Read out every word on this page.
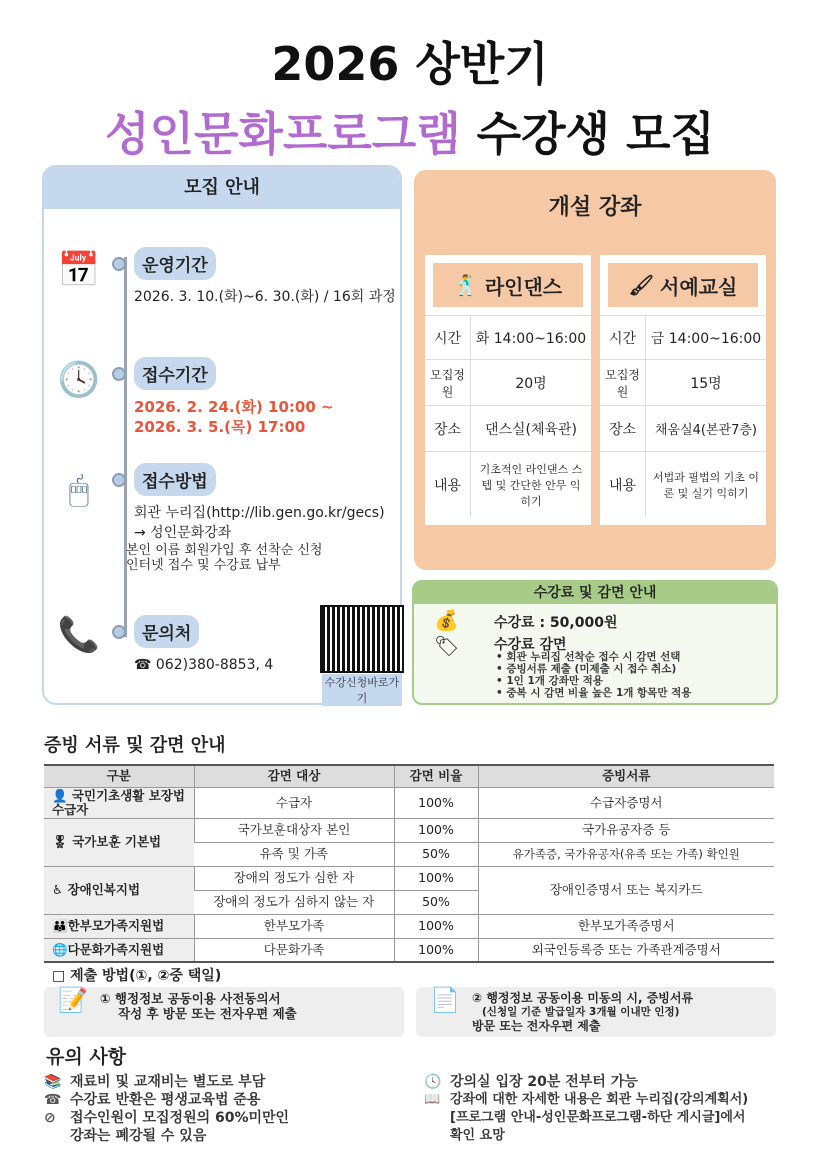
2026 상반기
성인문화프로그램 수강생 모집
모집 안내
📅	운영기간
2026. 3. 10.(화)~6. 30.(화) / 16회 과정
🕓	접수기간
2026. 2. 24.(화) 10:00 ~
2026. 3. 5.(목) 17:00
🖱	접수방법
회관 누리집(http://lib.gen.go.kr/gecs)
→ 성인문화강좌
본인 이름 회원가입 후 선착순 신청
인터넷 접수 및 수강료 납부
📞	문의처
☎ 062)380-8853, 4
수강신청바로가기
개설 강좌
🕺 라인댄스
시간	화 14:00~16:00
모집정원	20명
장소	댄스실(체육관)
내용
기초적인 라인댄스 스텝 및 간단한 안무 익히기
🖌 서예교실
시간	금 14:00~16:00
모집정원	15명
장소	채움실4(본관7층)
내용
서법과 필법의 기초 이론 및 실기 익히기
수강료 및 감면 안내
💰	수강료 : 50,000원
🏷 수강료 감면
• 회관 누리집 선착순 접수 시 감면 선택
• 증빙서류 제출 (미제출 시 접수 취소)
• 1인 1개 강좌만 적용
• 중복 시 감면 비율 높은 1개 항목만 적용
증빙 서류 및 감면 안내
구분	감면 대상	감면 비율	증빙서류
👤 국민기초생활 보장법 수급자	수급자	100%	수급자증명서
🎖 국가보훈 기본법	국가보훈대상자 본인	100%	국가유공자증 등
	유족 및 가족	50%	유가족증, 국가유공자(유족 또는 가족) 확인원
♿ 장애인복지법	장애의 정도가 심한 자	100%	장애인증명서 또는 복지카드
	장애의 정도가 심하지 않는 자	50%	
👪한부모가족지원법	한부모가족	100%	한부모가족증명서
🌐다문화가족지원법	다문화가족	100%	외국인등록증 또는 가족관계증명서
□ 제출 방법(①, ②중 택일)
📝 ① 행정정보 공동이용 사전동의서
작성 후 방문 또는 전자우편 제출	📄 ② 행정정보 공동이용 미동의 시, 증빙서류
(신청일 기준 발급일자 3개월 이내만 인정)
방문 또는 전자우편 제출
유의 사항
📚 재료비 및 교재비는 별도로 부담
☎ 수강료 반환은 평생교육법 준용
⊘ 접수인원이 모집정원의 60%미만인
강좌는 폐강될 수 있음
🕓 강의실 입장 20분 전부터 가능
📖 강좌에 대한 자세한 내용은 회관 누리집(강의계획서)
[프로그램 안내-성인문화프로그램-하단 게시글]에서
확인 요망
